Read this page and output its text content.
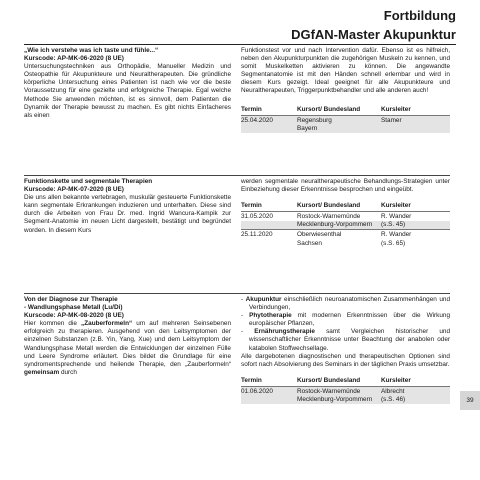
Fortbildung
DGfAN-Master Akupunktur

„Wie ich verstehe was ich taste und fühle...“

Kurscode: AP-MK-06-2020 (8 UE)

Untersuchungstechniken aus Orthopädie, Manueller Medizin und Osteopathie für Akupunkteure und Neuraltherapeuten. Die gründliche körperliche Untersuchung eines Patienten ist nach wie vor die beste Voraussetzung für eine gezielte und erfolgreiche Therapie. Egal welche Methode Sie anwenden möchten, ist es sinnvoll, dem Patienten die Dynamik der Therapie bewusst zu machen. Es gibt nichts Einfacheres als einen

Funktionstest vor und nach Intervention dafür. Ebenso ist es hilfreich, neben den Akupunkturpunkten die zugehörigen Muskeln zu kennen, und somit Muskelketten aktivieren zu können. Die angewandte Segmentanatomie ist mit den Händen schnell erlernbar und wird in diesem Kurs gezeigt. Ideal geeignet für alle Akupunkteure und Neuraltherapeuten, Triggerpunktbehandler und alle anderen auch!

Termin	Kursort/ Bundesland	Kursleiter
25.04.2020	Regensburg	Stamer
	Bayern	

Funktionskette und segmentale Therapien

Kurscode: AP-MK-07-2020 (8 UE)

Die uns allen bekannte vertebragen, muskulär gesteuerte Funktionskette kann segmentale Erkrankungen induzieren und unterhalten. Diese sind durch die Arbeiten von Frau Dr. med. Ingrid Wancura-Kampik zur Segment-Anatomie im neuen Licht dargestellt, bestätigt und begründet worden. In diesem Kurs

werden segmentale neuraltherapeutische Behandlungs-Strategien unter Einbeziehung dieser Erkenntnisse besprochen und eingeübt.

Termin	Kursort/ Bundesland	Kursleiter
31.05.2020	Rostock-Warnemünde	R. Wander
	Mecklenburg-Vorpommern	(s.S. 45)
25.11.2020	Oberwiesenthal	R. Wander
	Sachsen	(s.S. 65)

Von der Diagnose zur Therapie

- Wandlungsphase Metall (Lu/Di)

Kurscode: AP-MK-08-2020 (8 UE)

Hier kommen die „Zauberformeln“ um auf mehreren Seinsebenen erfolgreich zu therapieren. Ausgehend von den Leitsymptomen der einzelnen Substanzen (z.B. Yin, Yang, Xue) und dem Leitsymptom der Wandlungsphase Metall werden die Entwicklungen der einzelnen Fülle und Leere Syndrome erläutert. Dies bildet die Grundlage für eine syndromentsprechende und heilende Therapie, den „Zauberformeln“ gemeinsam durch

- Akupunktur einschließlich neuroanatomischen Zusammenhängen und Verbindungen,
- Phytotherapie mit modernen Erkenntnissen über die Wirkung europäischer Pflanzen,
- Ernährungstherapie samt Vergleichen historischer und wissenschaftlicher Erkenntnisse unter Beachtung der anabolen oder katabolen Stoffwechsellage.

Alle dargebotenen diagnostischen und therapeutischen Optionen sind sofort nach Absolvierung des Seminars in der täglichen Praxis umsetzbar.

Termin	Kursort/ Bundesland	Kursleiter
01.06.2020	Rostock-Warnemünde	Albrecht
	Mecklenburg-Vorpommern	(s.S. 46)	39
